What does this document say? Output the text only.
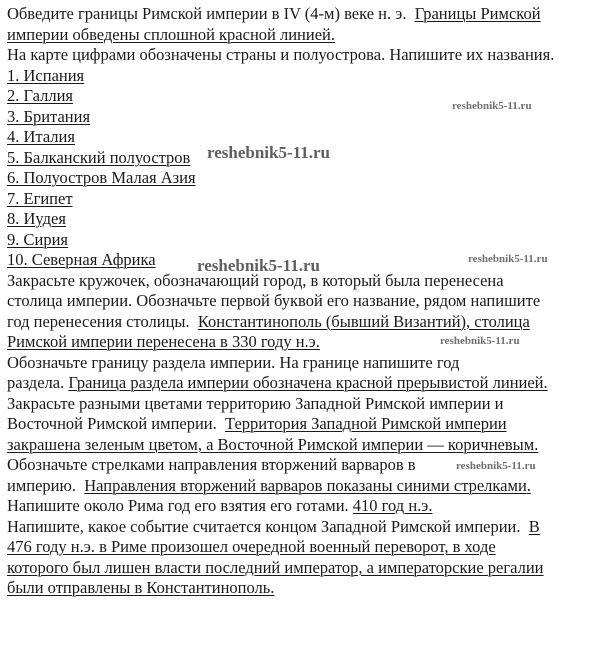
Обведите границы Римской империи в IV (4-м) веке н. э. Границы Римской
империи обведены сплошной красной линией.
На карте цифрами обозначены страны и полуострова. Напишите их названия.
1. Испания
2. Галлия
3. Британия
4. Италия
5. Балканский полуостров
6. Полуостров Малая Азия
7. Египет
8. Иудея
9. Сирия
10. Северная Африка
Закрасьте кружочек, обозначающий город, в который была перенесена
столица империи. Обозначьте первой буквой его название, рядом напишите
год перенесения столицы. Константинополь (бывший Византий), столица
Римской империи перенесена в 330 году н.э.
Обозначьте границу раздела империи. На границе напишите год
раздела. Граница раздела империи обозначена красной прерывистой линией.
Закрасьте разными цветами территорию Западной Римской империи и
Восточной Римской империи. Территория Западной Римской империи
закрашена зеленым цветом, а Восточной Римской империи — коричневым.
Обозначьте стрелками направления вторжений варваров в
империю. Направления вторжений варваров показаны синими стрелками.
Напишите около Рима год его взятия его готами. 410 год н.э.
Напишите, какое событие считается концом Западной Римской империи. В
476 году н.э. в Риме произошел очередной военный переворот, в ходе
которого был лишен власти последний император, а императорские регалии
были отправлены в Константинополь.
reshebnik5-11.ru
reshebnik5-11.ru
reshebnik5-11.ru
reshebnik5-11.ru
reshebnik5-11.ru
reshebnik5-11.ru
